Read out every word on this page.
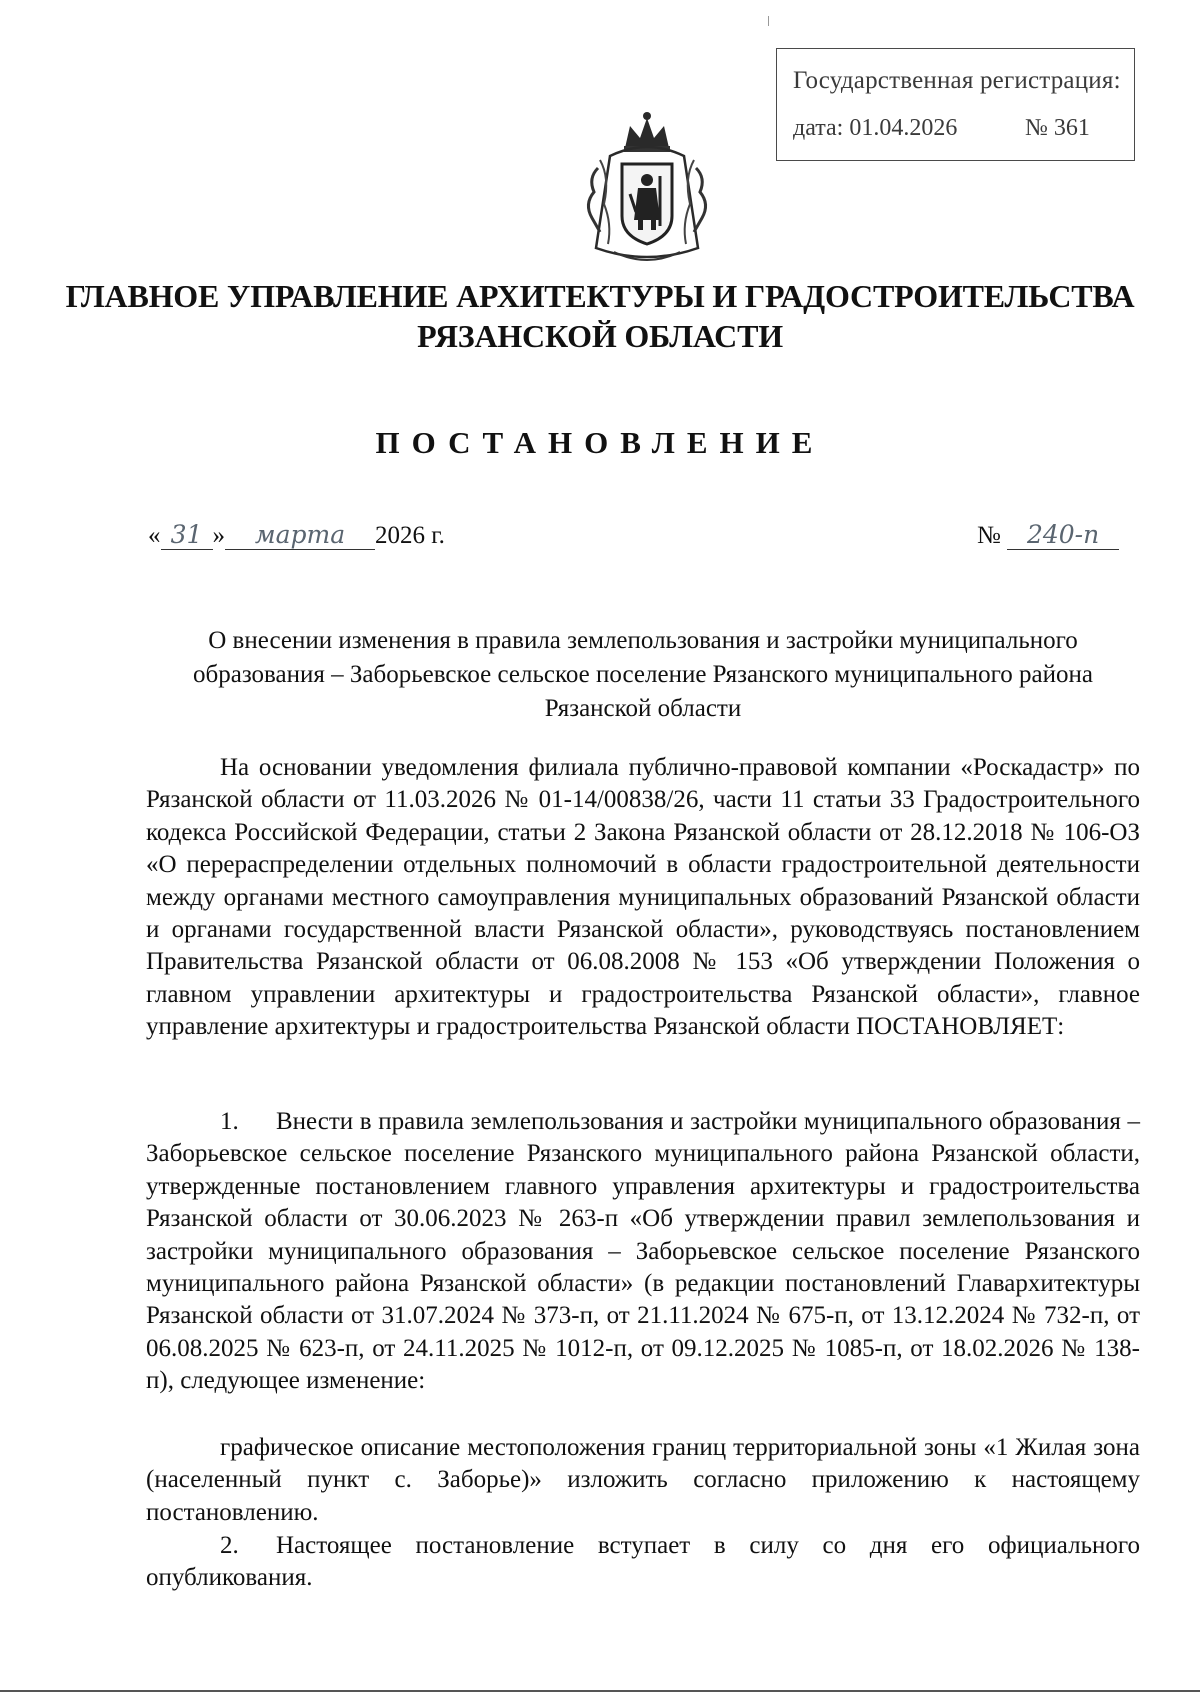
Государственная регистрация:
дата: 01.04.2026	№ 361
ГЛАВНОЕ УПРАВЛЕНИЕ АРХИТЕКТУРЫ И ГРАДОСТРОИТЕЛЬСТВА
РЯЗАНСКОЙ ОБЛАСТИ
ПОСТАНОВЛЕНИЕ
« 31 » марта 2026 г.	№ 240-п
О внесении изменения в правила землепользования и застройки муниципального образования – Заборьевское сельское поселение Рязанского муниципального района Рязанской области
На основании уведомления филиала публично-правовой компании «Роскадастр» по Рязанской области от 11.03.2026 № 01-14/00838/26, части 11 статьи 33 Градостроительного кодекса Российской Федерации, статьи 2 Закона Рязанской области от 28.12.2018 № 106-ОЗ «О перераспределении отдельных полномочий в области градостроительной деятельности между органами местного самоуправления муниципальных образований Рязанской области и органами государственной власти Рязанской области», руководствуясь постановлением Правительства Рязанской области от 06.08.2008 № 153 «Об утверждении Положения о главном управлении архитектуры и градостроительства Рязанской области», главное управление архитектуры и градостроительства Рязанской области ПОСТАНОВЛЯЕТ:
1. Внести в правила землепользования и застройки муниципального образования – Заборьевское сельское поселение Рязанского муниципального района Рязанской области, утвержденные постановлением главного управления архитектуры и градостроительства Рязанской области от 30.06.2023 № 263-п «Об утверждении правил землепользования и застройки муниципального образования – Заборьевское сельское поселение Рязанского муниципального района Рязанской области» (в редакции постановлений Главархитектуры Рязанской области от 31.07.2024 № 373-п, от 21.11.2024 № 675-п, от 13.12.2024 № 732-п, от 06.08.2025 № 623-п, от 24.11.2025 № 1012-п, от 09.12.2025 № 1085-п, от 18.02.2026 № 138-п), следующее изменение:
графическое описание местоположения границ территориальной зоны «1 Жилая зона (населенный пункт с. Заборье)» изложить согласно приложению к настоящему постановлению.
2. Настоящее постановление вступает в силу со дня его официального опубликования.
